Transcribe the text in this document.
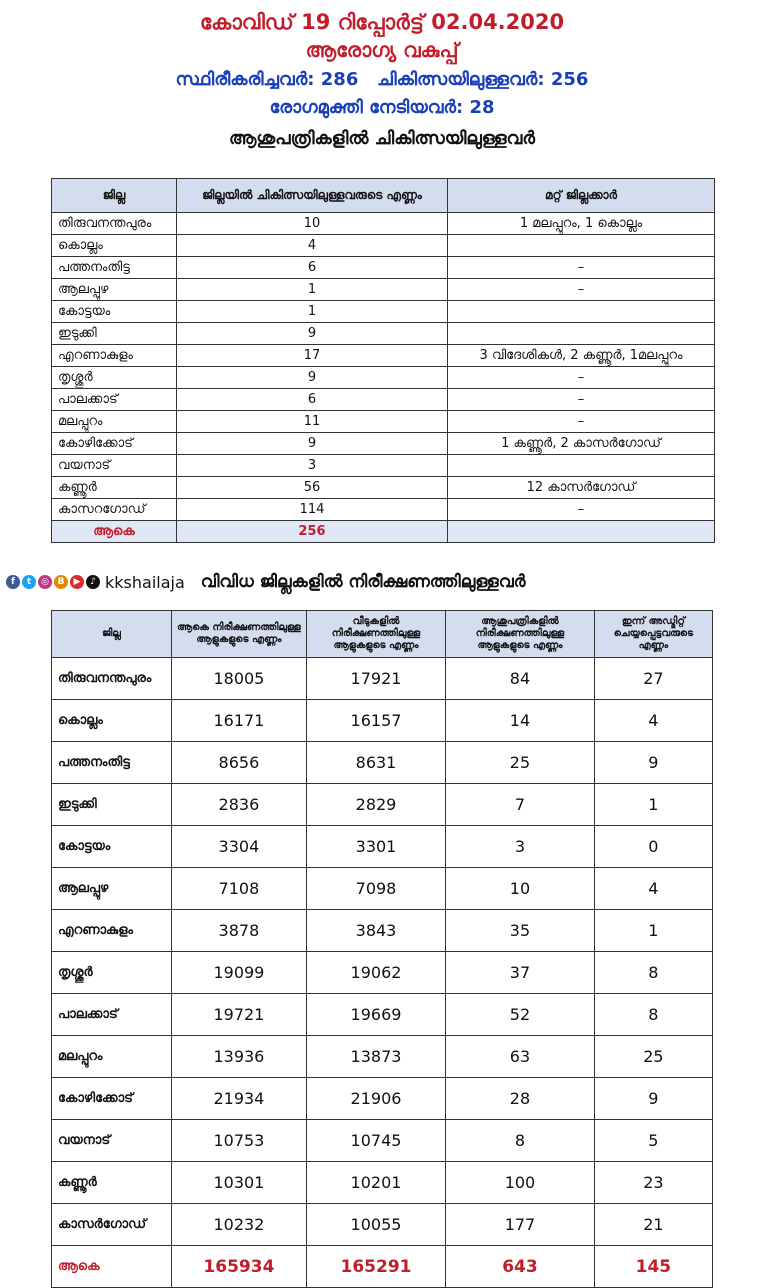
കോവിഡ് 19 റിപ്പോർട്ട് 02.04.2020
ആരോഗ്യ വകുപ്പ്
സ്ഥിരീകരിച്ചവർ: 286 ചികിത്സയിലുള്ളവർ: 256
രോഗമുക്തി നേടിയവർ: 28
ആശുപത്രികളിൽ ചികിത്സയിലുള്ളവർ
ജില്ല	ജില്ലയിൽ ചികിത്സയിലുള്ളവരുടെ എണ്ണം	മറ്റ് ജില്ലക്കാർ
തിരുവനന്തപുരം	10	1 മലപ്പുറം, 1 കൊല്ലം
കൊല്ലം	4	
പത്തനംതിട്ട	6	–
ആലപ്പുഴ	1	–
കോട്ടയം	1	
ഇടുക്കി	9	
എറണാകുളം	17	3 വിദേശികൾ, 2 കണ്ണൂർ, 1മലപ്പുറം
തൃശ്ശൂർ	9	–
പാലക്കാട്	6	–
മലപ്പുറം	11	–
കോഴിക്കോട്	9	1 കണ്ണൂർ, 2 കാസർഗോഡ്
വയനാട്	3	
കണ്ണൂർ	56	12 കാസർഗോഡ്
കാസറഗോഡ്	114	–
ആകെ	256	
f	t	◎ B	▶	♪ kkshailaja വിവിധ ജില്ലകളിൽ നിരീക്ഷണത്തിലുള്ളവർ
ജില്ല	ആകെ നിരീക്ഷണത്തിലുള്ള ആളുകളുടെ എണ്ണം	വീടുകളിൽ നിരീക്ഷണത്തിലുള്ള ആളുകളുടെ എണ്ണം	ആശുപത്രികളിൽ നിരീക്ഷണത്തിലുള്ള ആളുകളുടെ എണ്ണം	ഇന്ന് അഡ്മിറ്റ് ചെയ്യപ്പെട്ടവരുടെ എണ്ണം
തിരുവനന്തപുരം	18005	17921	84	27
കൊല്ലം	16171	16157	14	4
പത്തനംതിട്ട	8656	8631	25	9
ഇടുക്കി	2836	2829	7	1
കോട്ടയം	3304	3301	3	0
ആലപ്പുഴ	7108	7098	10	4
എറണാകുളം	3878	3843	35	1
തൃശ്ശൂർ	19099	19062	37	8
പാലക്കാട്	19721	19669	52	8
മലപ്പുറം	13936	13873	63	25
കോഴിക്കോട്	21934	21906	28	9
വയനാട്	10753	10745	8	5
കണ്ണൂർ	10301	10201	100	23
കാസർഗോഡ്	10232	10055	177	21
ആകെ	165934	165291	643	145
